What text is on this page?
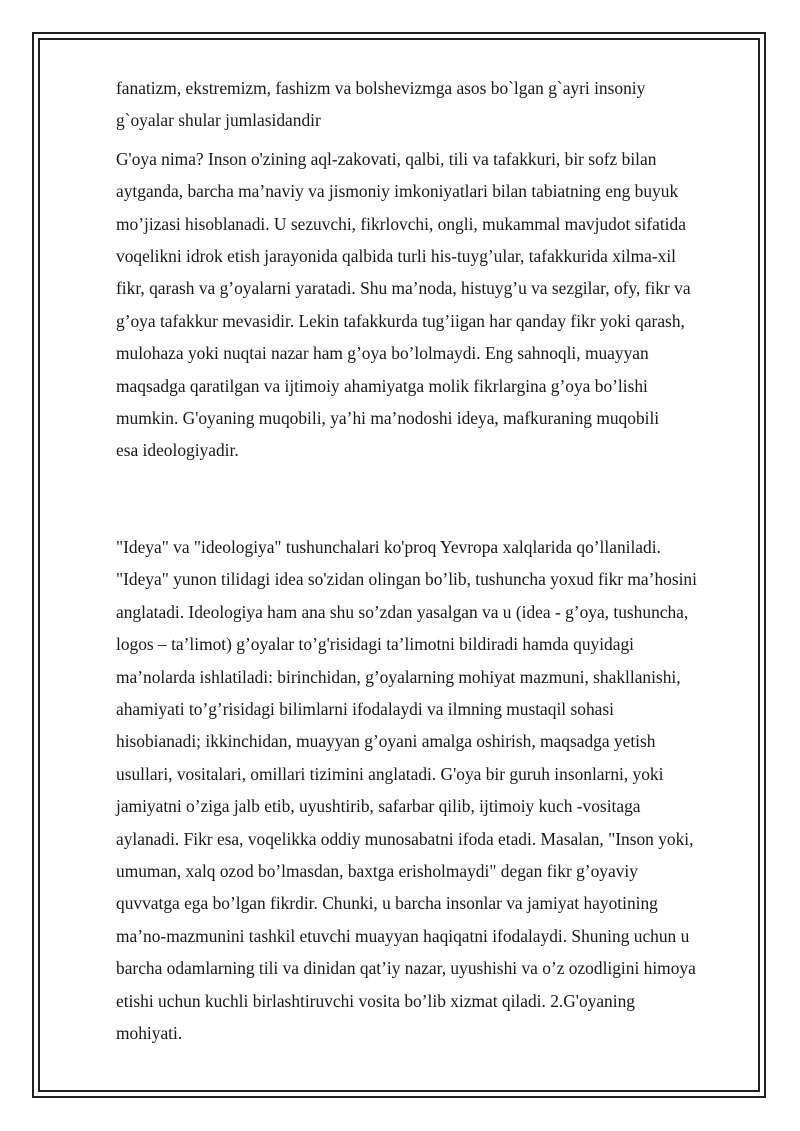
fanatizm, ekstremizm, fashizm va bolshevizmga asos bo`lgan g`ayri insoniy
g`oyalar shular jumlasidandir

G'oya nima? Inson o'zining aql-zakovati, qalbi, tili va tafakkuri, bir sofz bilan
aytganda, barcha ma’naviy va jismoniy imkoniyatlari bilan tabiatning eng buyuk
mo’jizasi hisoblanadi. U sezuvchi, fikrlovchi, ongli, mukammal mavjudot sifatida
voqelikni idrok etish jarayonida qalbida turli his-tuyg’ular, tafakkurida xilma-xil
fikr, qarash va g’oyalarni yaratadi. Shu ma’noda, histuyg’u va sezgilar, ofy, fikr va
g’oya tafakkur mevasidir. Lekin tafakkurda tug’iigan har qanday fikr yoki qarash,
mulohaza yoki nuqtai nazar ham g’oya bo’lolmaydi. Eng sahnoqli, muayyan
maqsadga qaratilgan va ijtimoiy ahamiyatga molik fikrlargina g’oya bo’lishi
mumkin. G'oyaning muqobili, ya’hi ma’nodoshi ideya, mafkuraning muqobili
esa ideologiyadir.

"Ideya" va "ideologiya" tushunchalari ko'proq Yevropa xalqlarida qo’llaniladi.
"Ideya" yunon tilidagi idea so'zidan olingan bo’lib, tushuncha yoxud fikr ma’hosini
anglatadi. Ideologiya ham ana shu so’zdan yasalgan va u (idea - g’oya, tushuncha,
logos – ta’limot) g’oyalar to’g'risidagi ta’limotni bildiradi hamda quyidagi
ma’nolarda ishlatiladi: birinchidan, g’oyalarning mohiyat mazmuni, shakllanishi,
ahamiyati to’g’risidagi bilimlarni ifodalaydi va ilmning mustaqil sohasi
hisobianadi; ikkinchidan, muayyan g’oyani amalga oshirish, maqsadga yetish
usullari, vositalari, omillari tizimini anglatadi. G'oya bir guruh insonlarni, yoki
jamiyatni o’ziga jalb etib, uyushtirib, safarbar qilib, ijtimoiy kuch -vositaga
aylanadi. Fikr esa, voqelikka oddiy munosabatni ifoda etadi. Masalan, "Inson yoki,
umuman, xalq ozod bo’lmasdan, baxtga erisholmaydi" degan fikr g’oyaviy
quvvatga ega bo’lgan fikrdir. Chunki, u barcha insonlar va jamiyat hayotining
ma’no-mazmunini tashkil etuvchi muayyan haqiqatni ifodalaydi. Shuning uchun u
barcha odamlarning tili va dinidan qat’iy nazar, uyushishi va o’z ozodligini himoya
etishi uchun kuchli birlashtiruvchi vosita bo’lib xizmat qiladi. 2.G'oyaning
mohiyati.
